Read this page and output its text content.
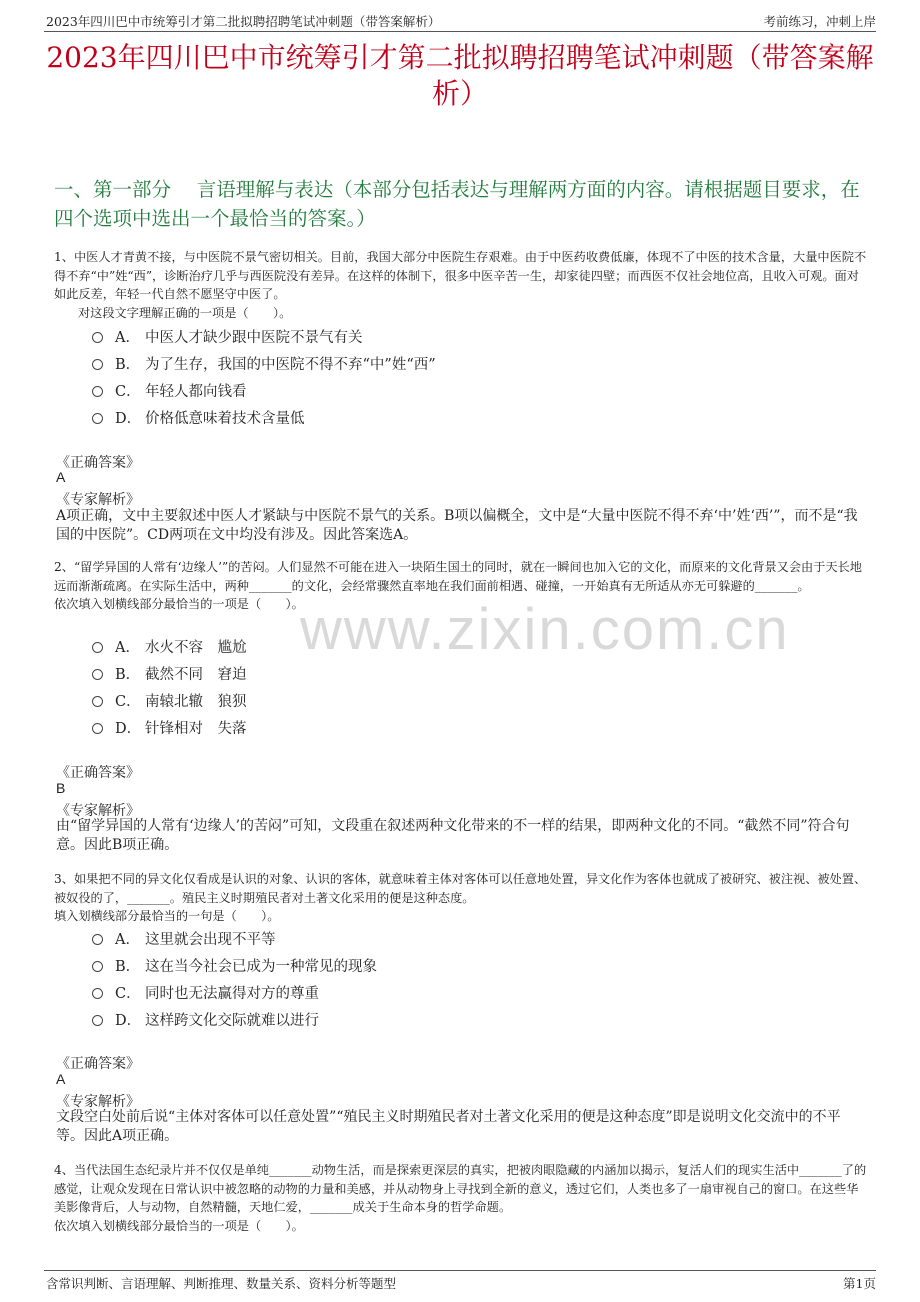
2023年四川巴中市统筹引才第二批拟聘招聘笔试冲刺题（带答案解析）	考前练习，冲刺上岸
2023年四川巴中市统筹引才第二批拟聘招聘笔试冲刺题（带答案解析）
一、第一部分　 言语理解与表达（本部分包括表达与理解两方面的内容。请根据题目要求，在四个选项中选出一个最恰当的答案。）
www.zixin.com.cn

1、中医人才青黄不接，与中医院不景气密切相关。目前，我国大部分中医院生存艰难。由于中医药收费低廉，体现不了中医的技术含量，大量中医院不得不弃“中”姓“西”，诊断治疗几乎与西医院没有差异。在这样的体制下，很多中医辛苦一生，却家徒四壁；而西医不仅社会地位高，且收入可观。面对如此反差，年轻一代自然不愿坚守中医了。

对这段文字理解正确的一项是（　　）。

A． 中医人才缺少跟中医院不景气有关
B． 为了生存，我国的中医院不得不弃“中”姓“西”
C． 年轻人都向钱看
D． 价格低意味着技术含量低
《正确答案》
A
《专家解析》
A项正确，文中主要叙述中医人才紧缺与中医院不景气的关系。B项以偏概全，文中是“大量中医院不得不弃‘中’姓‘西’”，而不是“我国的中医院”。CD两项在文中均没有涉及。因此答案选A。

2、“留学异国的人常有‘边缘人’”的苦闷。人们显然不可能在进入一块陌生国土的同时，就在一瞬间也加入它的文化，而原来的文化背景又会由于天长地远而渐渐疏离。在实际生活中，两种_______的文化，会经常骤然直率地在我们面前相遇、碰撞，一开始真有无所适从亦无可躲避的_______。

依次填入划横线部分最恰当的一项是（　　）。

A． 水火不容　尴尬
B． 截然不同　窘迫
C． 南辕北辙　狼狈
D． 针锋相对　失落
《正确答案》
B
《专家解析》
由“留学异国的人常有‘边缘人’的苦闷”可知，文段重在叙述两种文化带来的不一样的结果，即两种文化的不同。“截然不同”符合句意。因此B项正确。

3、如果把不同的异文化仅看成是认识的对象、认识的客体，就意味着主体对客体可以任意地处置，异文化作为客体也就成了被研究、被注视、被处置、被奴役的了，_______。殖民主义时期殖民者对土著文化采用的便是这种态度。

填入划横线部分最恰当的一句是（　　）。

A． 这里就会出现不平等
B． 这在当今社会已成为一种常见的现象
C． 同时也无法赢得对方的尊重
D． 这样跨文化交际就难以进行
《正确答案》
A
《专家解析》
文段空白处前后说“主体对客体可以任意处置”“殖民主义时期殖民者对土著文化采用的便是这种态度”即是说明文化交流中的不平等。因此A项正确。

4、当代法国生态纪录片并不仅仅是单纯_______动物生活，而是探索更深层的真实，把被肉眼隐藏的内涵加以揭示，复活人们的现实生活中_______了的感觉，让观众发现在日常认识中被忽略的动物的力量和美感，并从动物身上寻找到全新的意义，透过它们，人类也多了一扇审视自己的窗口。在这些华美影像背后，人与动物，自然精髓，天地仁爱，_______成关于生命本身的哲学命题。

依次填入划横线部分最恰当的一项是（　　）。

含常识判断、言语理解、判断推理、数量关系、资料分析等题型	第1页
